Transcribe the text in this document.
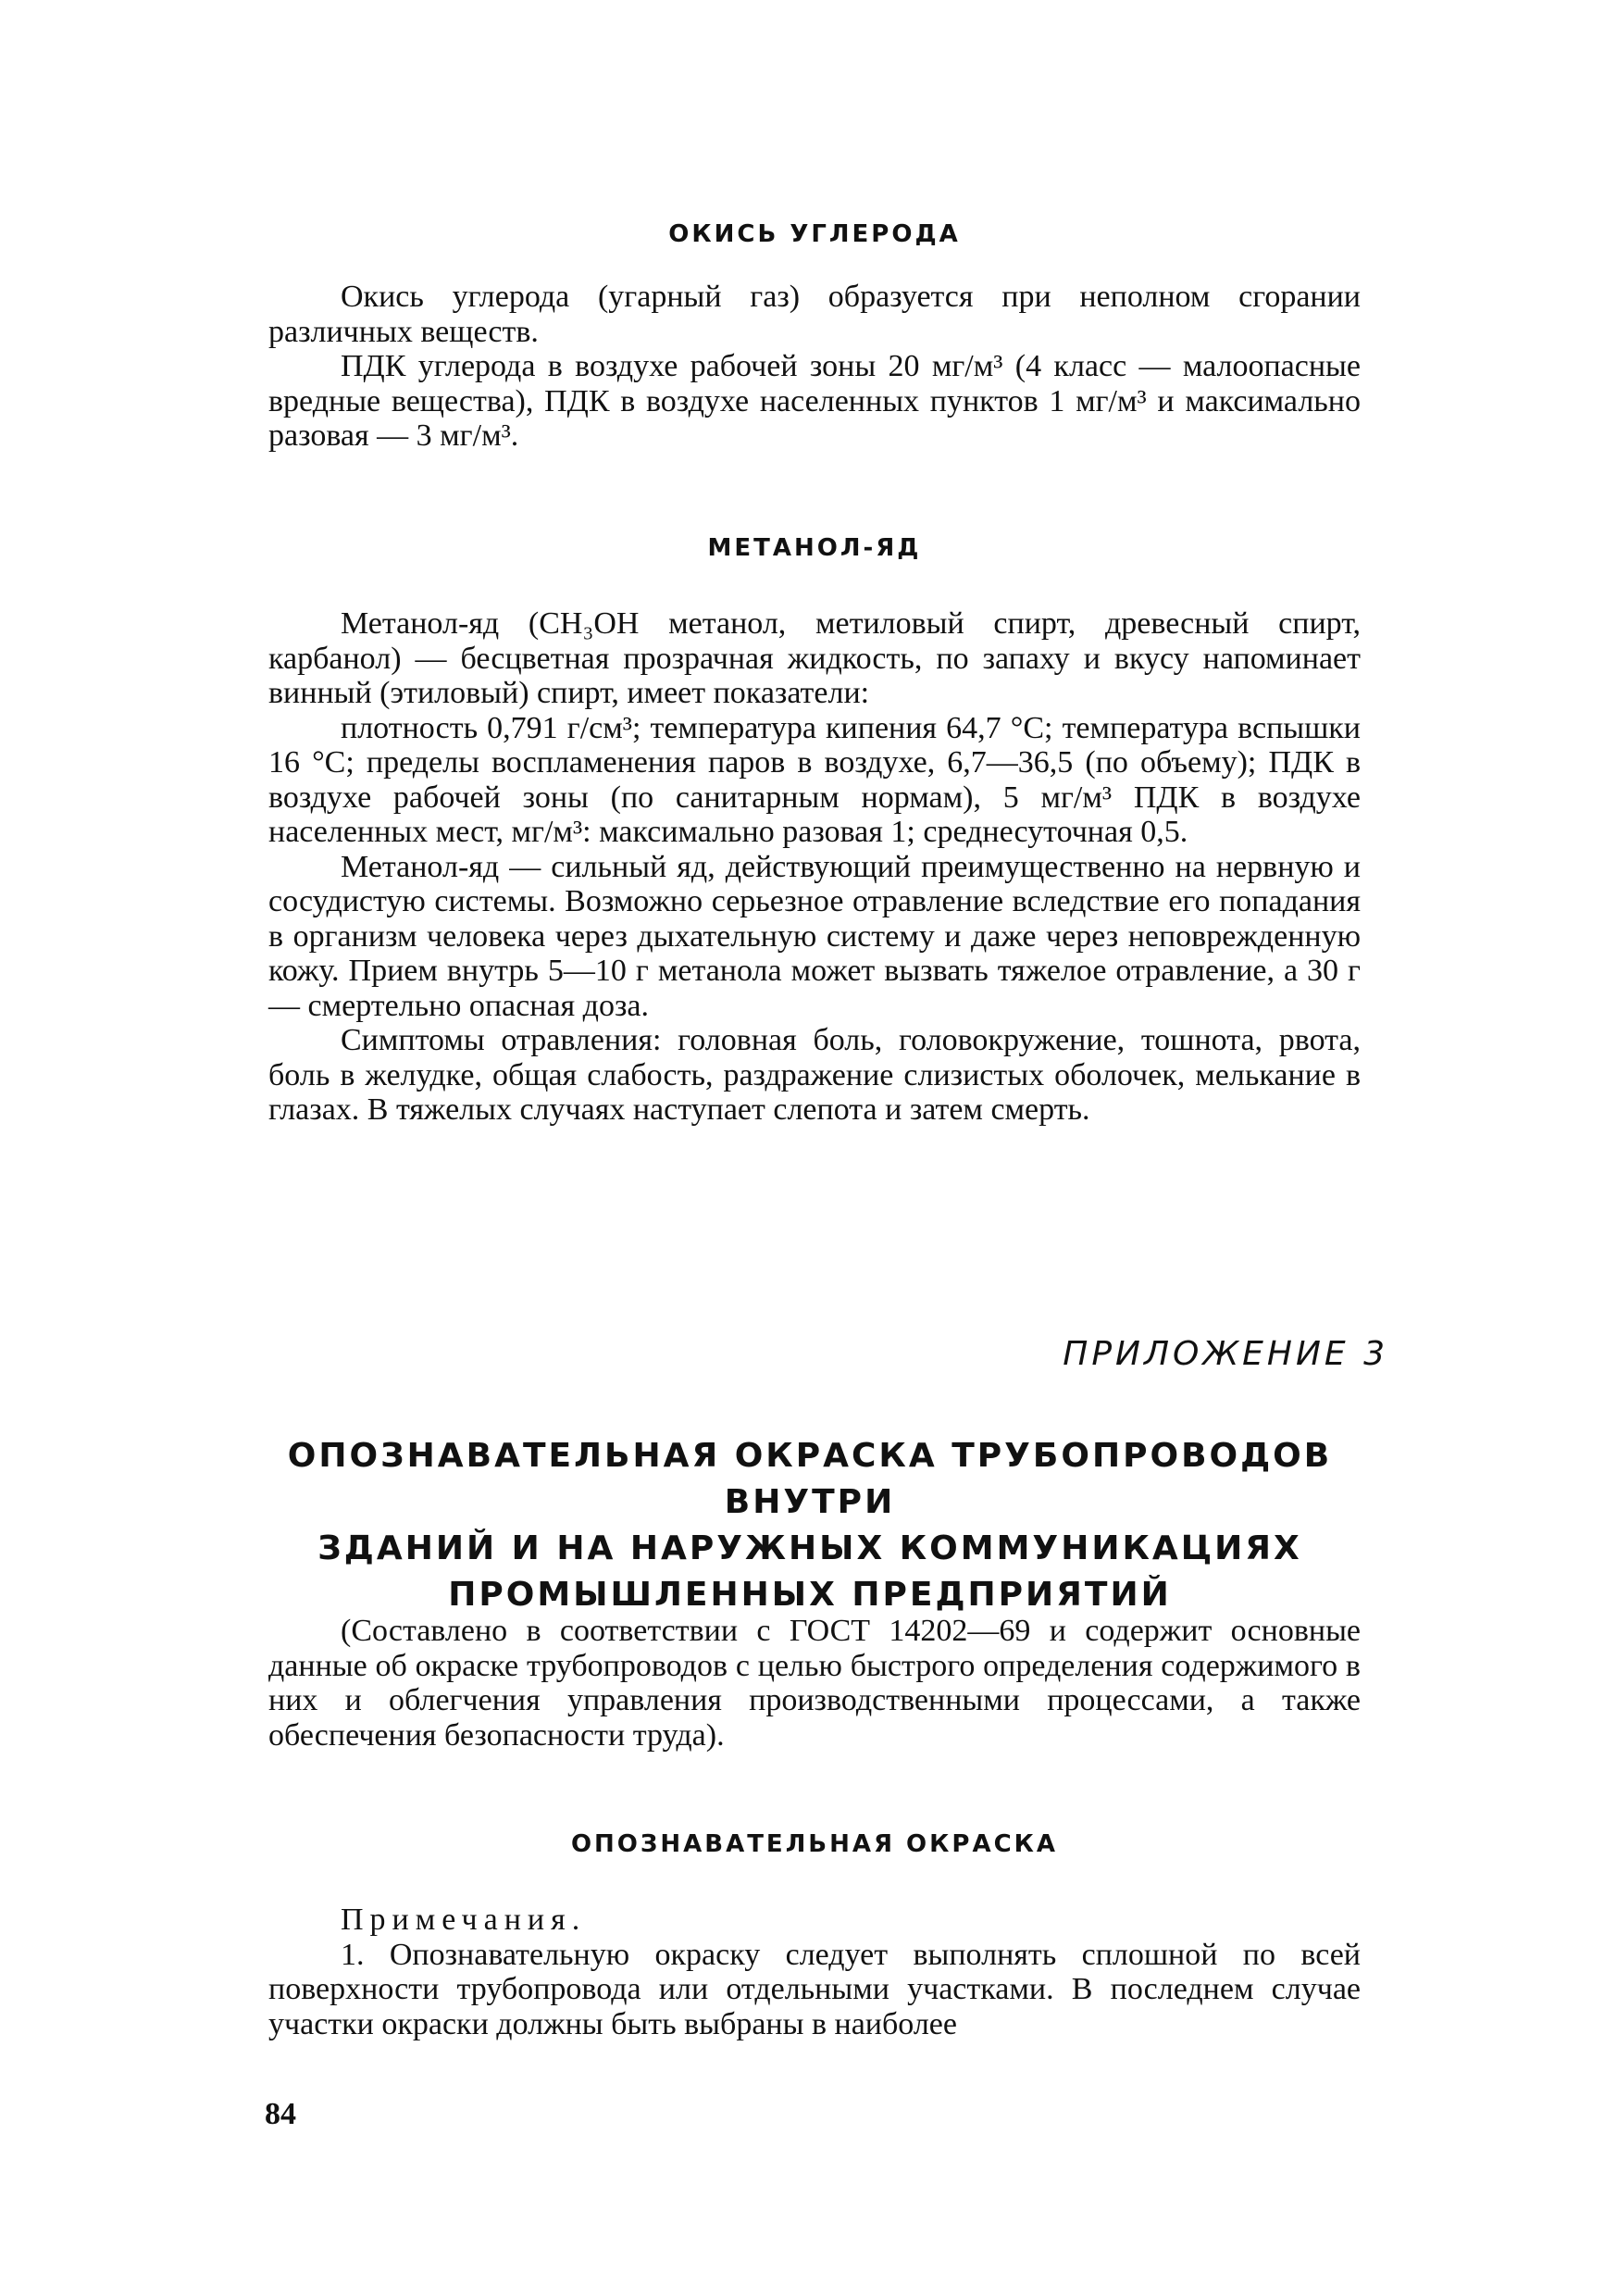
ОКИСЬ УГЛЕРОДА

Окись углерода (угарный газ) образуется при неполном сгорании различных веществ.

ПДК углерода в воздухе рабочей зоны 20 мг/м³ (4 класс — малоопасные вредные вещества), ПДК в воздухе населенных пунктов 1 мг/м³ и максимально разовая — 3 мг/м³.

МЕТАНОЛ-ЯД

Метанол-яд (CH₃OH метанол, метиловый спирт, древесный спирт, карбанол) — бесцветная прозрачная жидкость, по запаху и вкусу напоминает винный (этиловый) спирт, имеет показатели:

плотность 0,791 г/см³; температура кипения 64,7 °С; температура вспышки 16 °С; пределы воспламенения паров в воздухе, 6,7—36,5 (по объему); ПДК в воздухе рабочей зоны (по санитарным нормам), 5 мг/м³ ПДК в воздухе населенных мест, мг/м³: максимально разовая 1; среднесуточная 0,5.

Метанол-яд — сильный яд, действующий преимущественно на нервную и сосудистую системы. Возможно серьезное отравление вследствие его попадания в организм человека через дыхательную систему и даже через неповрежденную кожу. Прием внутрь 5—10 г метанола может вызвать тяжелое отравление, а 30 г — смертельно опасная доза.

Симптомы отравления: головная боль, головокружение, тошнота, рвота, боль в желудке, общая слабость, раздражение слизистых оболочек, мелькание в глазах. В тяжелых случаях наступает слепота и затем смерть.

ПРИЛОЖЕНИЕ 3

ОПОЗНАВАТЕЛЬНАЯ ОКРАСКА ТРУБОПРОВОДОВ ВНУТРИ
ЗДАНИЙ И НА НАРУЖНЫХ КОММУНИКАЦИЯХ
ПРОМЫШЛЕННЫХ ПРЕДПРИЯТИЙ

(Составлено в соответствии с ГОСТ 14202—69 и содержит основные данные об окраске трубопроводов с целью быстрого определения содержимого в них и облегчения управления производственными процессами, а также обеспечения безопасности труда).

ОПОЗНАВАТЕЛЬНАЯ ОКРАСКА

Примечания.

1. Опознавательную окраску следует выполнять сплошной по всей поверхности трубопровода или отдельными участками. В последнем случае участки окраски должны быть выбраны в наиболее

84
